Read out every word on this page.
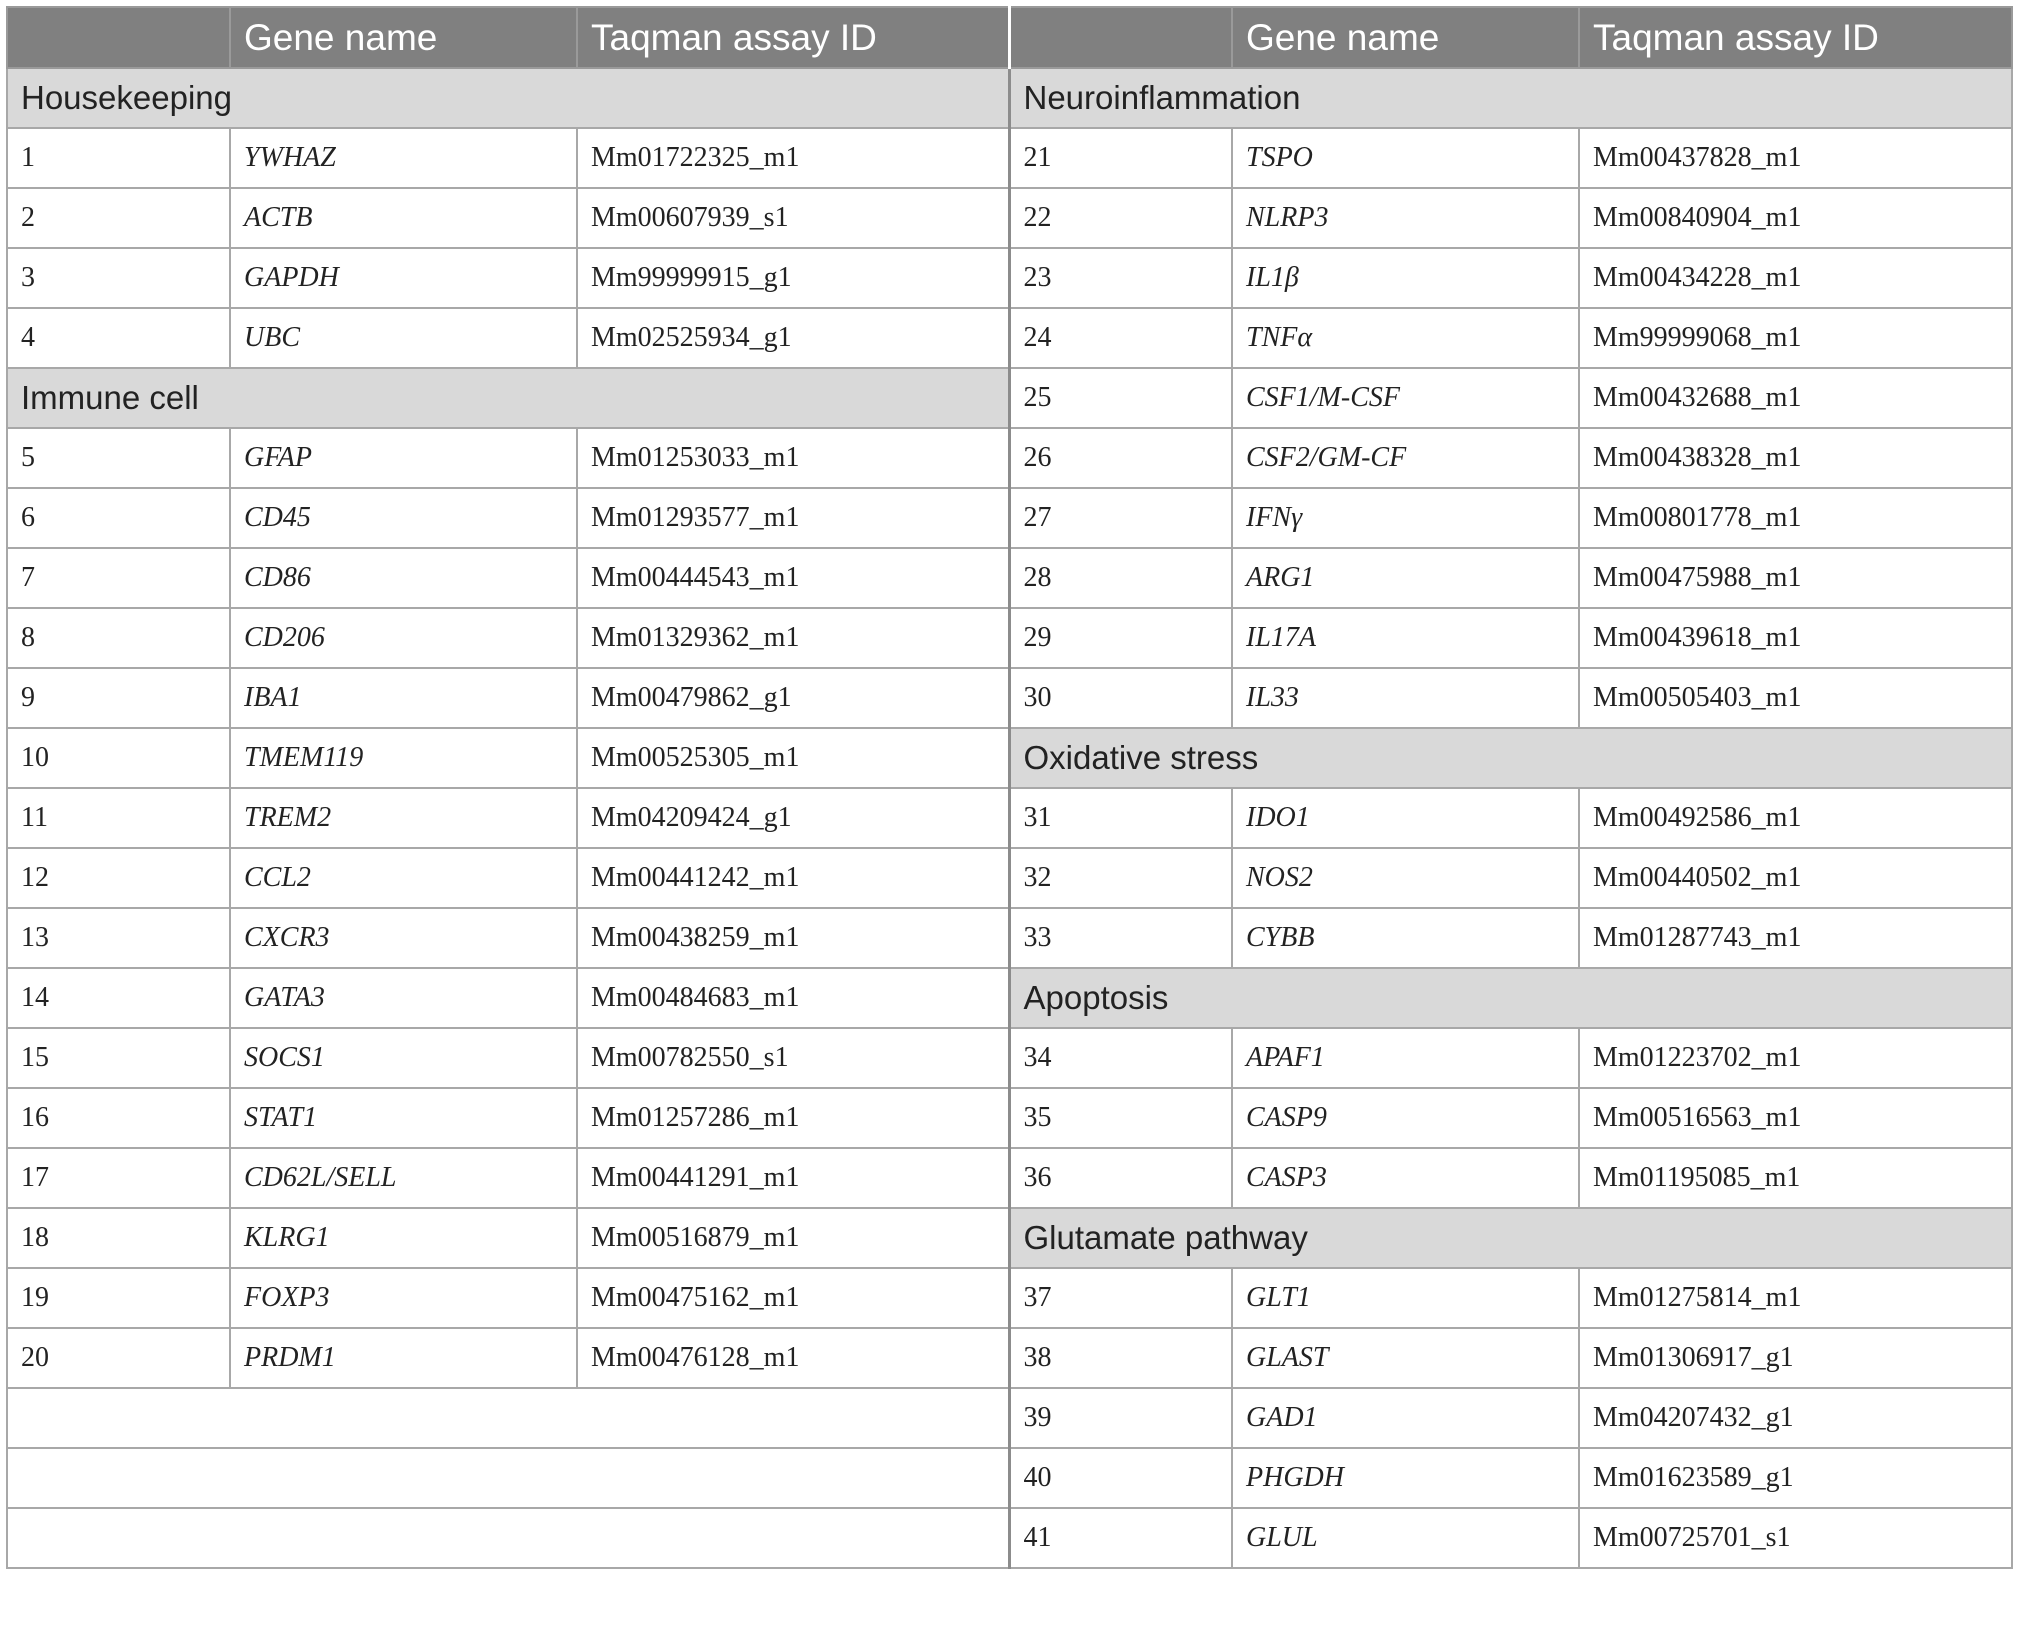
	Gene name	Taqman assay ID		Gene name	Taqman assay ID
Housekeeping			Neuroinflammation		
1	YWHAZ	Mm01722325_m1	21	TSPO	Mm00437828_m1
2	ACTB	Mm00607939_s1	22	NLRP3	Mm00840904_m1
3	GAPDH	Mm99999915_g1	23	IL1β	Mm00434228_m1
4	UBC	Mm02525934_g1	24	TNFα	Mm99999068_m1
Immune cell			25	CSF1/M-CSF	Mm00432688_m1
5	GFAP	Mm01253033_m1	26	CSF2/GM-CF	Mm00438328_m1
6	CD45	Mm01293577_m1	27	IFNγ	Mm00801778_m1
7	CD86	Mm00444543_m1	28	ARG1	Mm00475988_m1
8	CD206	Mm01329362_m1	29	IL17A	Mm00439618_m1
9	IBA1	Mm00479862_g1	30	IL33	Mm00505403_m1
10	TMEM119	Mm00525305_m1	Oxidative stress		
11	TREM2	Mm04209424_g1	31	IDO1	Mm00492586_m1
12	CCL2	Mm00441242_m1	32	NOS2	Mm00440502_m1
13	CXCR3	Mm00438259_m1	33	CYBB	Mm01287743_m1
14	GATA3	Mm00484683_m1	Apoptosis		
15	SOCS1	Mm00782550_s1	34	APAF1	Mm01223702_m1
16	STAT1	Mm01257286_m1	35	CASP9	Mm00516563_m1
17	CD62L/SELL	Mm00441291_m1	36	CASP3	Mm01195085_m1
18	KLRG1	Mm00516879_m1	Glutamate pathway		
19	FOXP3	Mm00475162_m1	37	GLT1	Mm01275814_m1
20	PRDM1	Mm00476128_m1	38	GLAST	Mm01306917_g1
			39	GAD1	Mm04207432_g1
			40	PHGDH	Mm01623589_g1
			41	GLUL	Mm00725701_s1
